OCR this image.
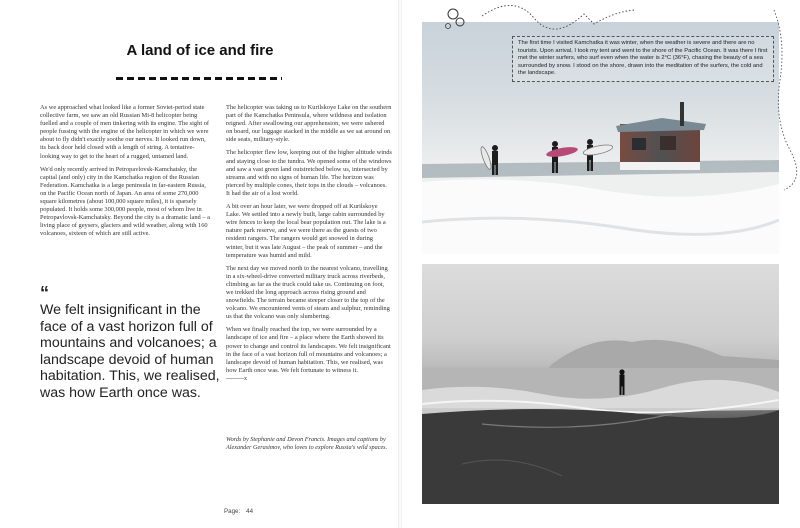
A land of ice and fire

As we approached what looked like a former Soviet-period state collective farm, we saw an old Russian Mi-8 helicopter being fuelled and a couple of men tinkering with its engine. The sight of people fussing with the engine of the helicopter in which we were about to fly didn't exactly soothe our nerves. It looked run down, its back door held closed with a length of string. A tentative-looking way to get to the heart of a rugged, untamed land.

We'd only recently arrived in Petropavlovsk-Kamchatsky, the capital (and only) city in the Kamchatka region of the Russian Federation. Kamchatka is a large peninsula in far-eastern Russia, on the Pacific Ocean north of Japan. An area of some 270,000 square kilometres (about 100,000 square miles), it is sparsely populated. It holds some 300,000 people, most of whom live in Petropavlovsk-Kamchatsky. Beyond the city is a dramatic land – a living place of geysers, glaciers and wild weather, along with 160 volcanoes, sixteen of which are still active.

“

We felt insignificant in the face of a vast horizon full of mountains and volcanoes; a landscape devoid of human habitation. This, we realised, was how Earth once was.

The helicopter was taking us to Kurilskoye Lake on the southern part of the Kamchatka Peninsula, where wildness and isolation reigned. After swallowing our apprehension, we were ushered on board, our luggage stacked in the middle as we sat around on side seats, military-style.

The helicopter flew low, keeping out of the higher altitude winds and staying close to the tundra. We opened some of the windows and saw a vast green land outstretched below us, intersected by streams and with no signs of human life. The horizon was pierced by multiple cones, their tops in the clouds – volcanoes. It had the air of a lost world.

A bit over an hour later, we were dropped off at Kurilskoye Lake. We settled into a newly built, large cabin surrounded by wire fences to keep the local bear population out. The lake is a nature park reserve, and we were there as the guests of two resident rangers. The rangers would get snowed in during winter, but it was late August – the peak of summer – and the temperature was humid and mild.

The next day we moved north to the nearest volcano, travelling in a six-wheel-drive converted military truck across riverbeds, climbing as far as the truck could take us. Continuing on foot, we trekked the long approach across rising ground and snowfields. The terrain became steeper closer to the top of the volcano. We encountered vents of steam and sulphur, reminding us that the volcano was only slumbering.

When we finally reached the top, we were surrounded by a landscape of ice and fire – a place where the Earth showed its power to change and control its landscapes. We felt insignificant in the face of a vast horizon full of mountains and volcanoes; a landscape devoid of human habitation. This, we realised, was how Earth once was. We felt fortunate to witness it.
---------x

Words by Stephanie and Devon Francis. Images and captions by Alexander Gerasimov, who loves to explore Russia's wild spaces.

Page: 44

The first time I visited Kamchatka it was winter, when the weather is severe and there are no tourists. Upon arrival, I took my tent and went to the shore of the Pacific Ocean. It was there I first met the winter surfers, who surf even when the water is 2°C (36°F), chasing the beauty of a sea surrounded by snow. I stood on the shore, drawn into the meditation of the surfers, the cold and the landscape.
